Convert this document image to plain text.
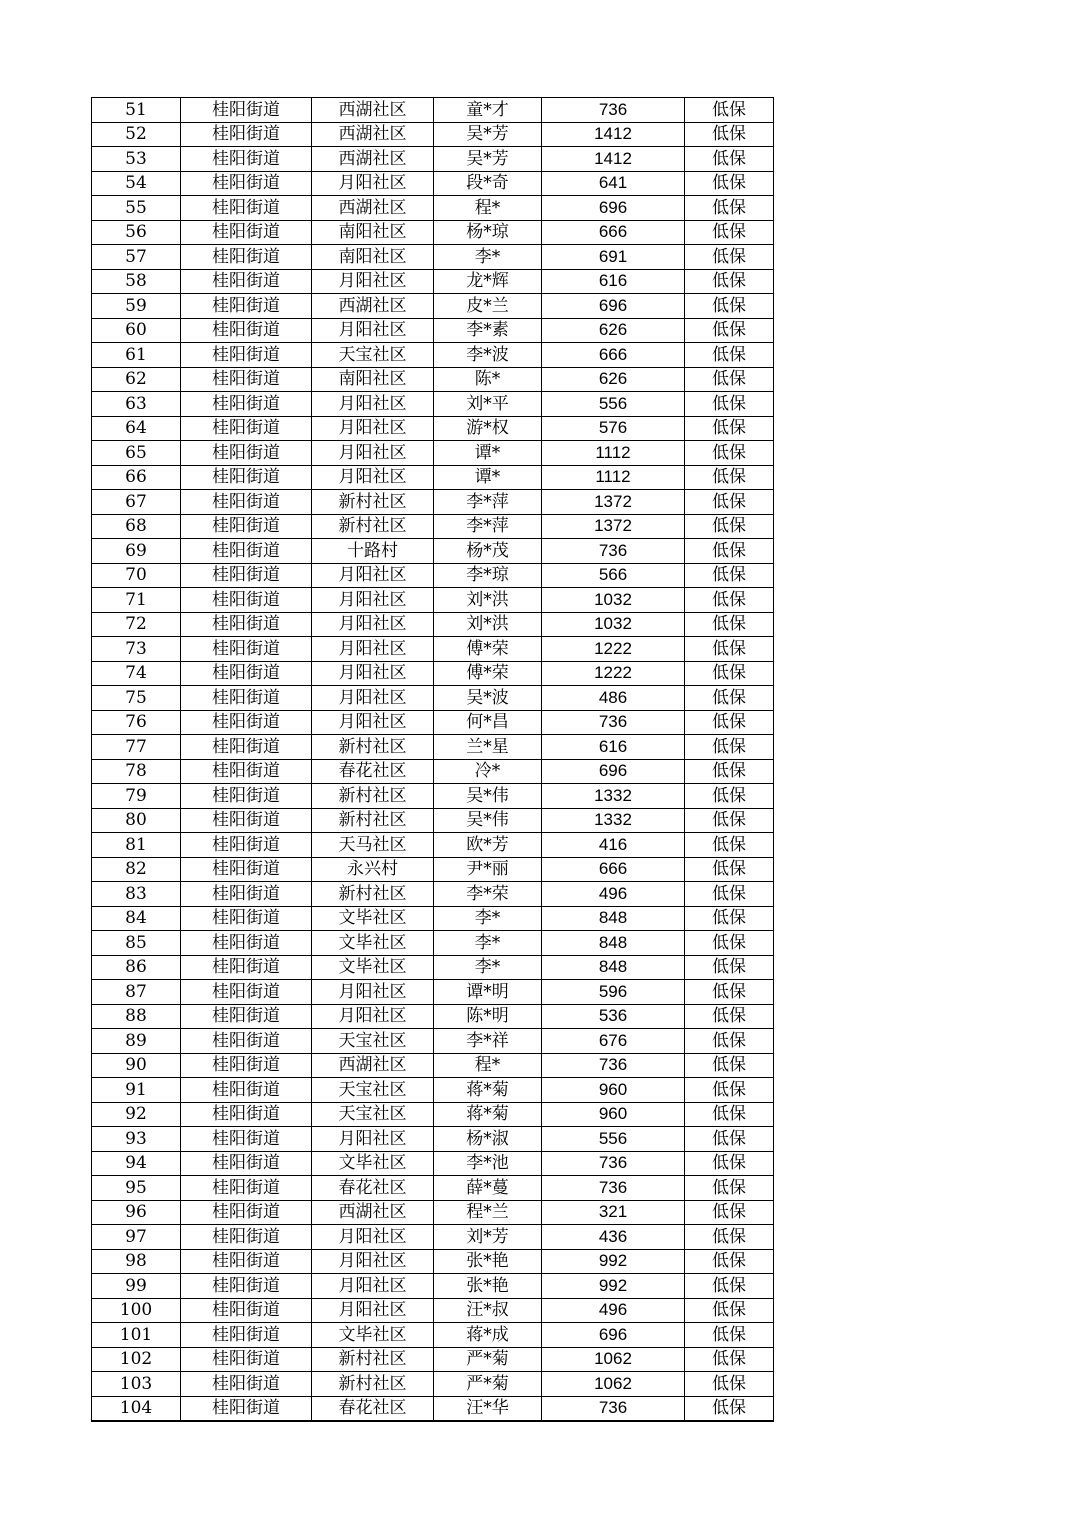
51	桂阳街道	西湖社区	童*才	736	低保
52	桂阳街道	西湖社区	吴*芳	1412	低保
53	桂阳街道	西湖社区	吴*芳	1412	低保
54	桂阳街道	月阳社区	段*奇	641	低保
55	桂阳街道	西湖社区	程*	696	低保
56	桂阳街道	南阳社区	杨*琼	666	低保
57	桂阳街道	南阳社区	李*	691	低保
58	桂阳街道	月阳社区	龙*辉	616	低保
59	桂阳街道	西湖社区	皮*兰	696	低保
60	桂阳街道	月阳社区	李*素	626	低保
61	桂阳街道	天宝社区	李*波	666	低保
62	桂阳街道	南阳社区	陈*	626	低保
63	桂阳街道	月阳社区	刘*平	556	低保
64	桂阳街道	月阳社区	游*权	576	低保
65	桂阳街道	月阳社区	谭*	1112	低保
66	桂阳街道	月阳社区	谭*	1112	低保
67	桂阳街道	新村社区	李*萍	1372	低保
68	桂阳街道	新村社区	李*萍	1372	低保
69	桂阳街道	十路村	杨*茂	736	低保
70	桂阳街道	月阳社区	李*琼	566	低保
71	桂阳街道	月阳社区	刘*洪	1032	低保
72	桂阳街道	月阳社区	刘*洪	1032	低保
73	桂阳街道	月阳社区	傅*荣	1222	低保
74	桂阳街道	月阳社区	傅*荣	1222	低保
75	桂阳街道	月阳社区	吴*波	486	低保
76	桂阳街道	月阳社区	何*昌	736	低保
77	桂阳街道	新村社区	兰*星	616	低保
78	桂阳街道	春花社区	冷*	696	低保
79	桂阳街道	新村社区	吴*伟	1332	低保
80	桂阳街道	新村社区	吴*伟	1332	低保
81	桂阳街道	天马社区	欧*芳	416	低保
82	桂阳街道	永兴村	尹*丽	666	低保
83	桂阳街道	新村社区	李*荣	496	低保
84	桂阳街道	文毕社区	李*	848	低保
85	桂阳街道	文毕社区	李*	848	低保
86	桂阳街道	文毕社区	李*	848	低保
87	桂阳街道	月阳社区	谭*明	596	低保
88	桂阳街道	月阳社区	陈*明	536	低保
89	桂阳街道	天宝社区	李*祥	676	低保
90	桂阳街道	西湖社区	程*	736	低保
91	桂阳街道	天宝社区	蒋*菊	960	低保
92	桂阳街道	天宝社区	蒋*菊	960	低保
93	桂阳街道	月阳社区	杨*淑	556	低保
94	桂阳街道	文毕社区	李*池	736	低保
95	桂阳街道	春花社区	薛*蔓	736	低保
96	桂阳街道	西湖社区	程*兰	321	低保
97	桂阳街道	月阳社区	刘*芳	436	低保
98	桂阳街道	月阳社区	张*艳	992	低保
99	桂阳街道	月阳社区	张*艳	992	低保
100	桂阳街道	月阳社区	汪*叔	496	低保
101	桂阳街道	文毕社区	蒋*成	696	低保
102	桂阳街道	新村社区	严*菊	1062	低保
103	桂阳街道	新村社区	严*菊	1062	低保
104	桂阳街道	春花社区	汪*华	736	低保
